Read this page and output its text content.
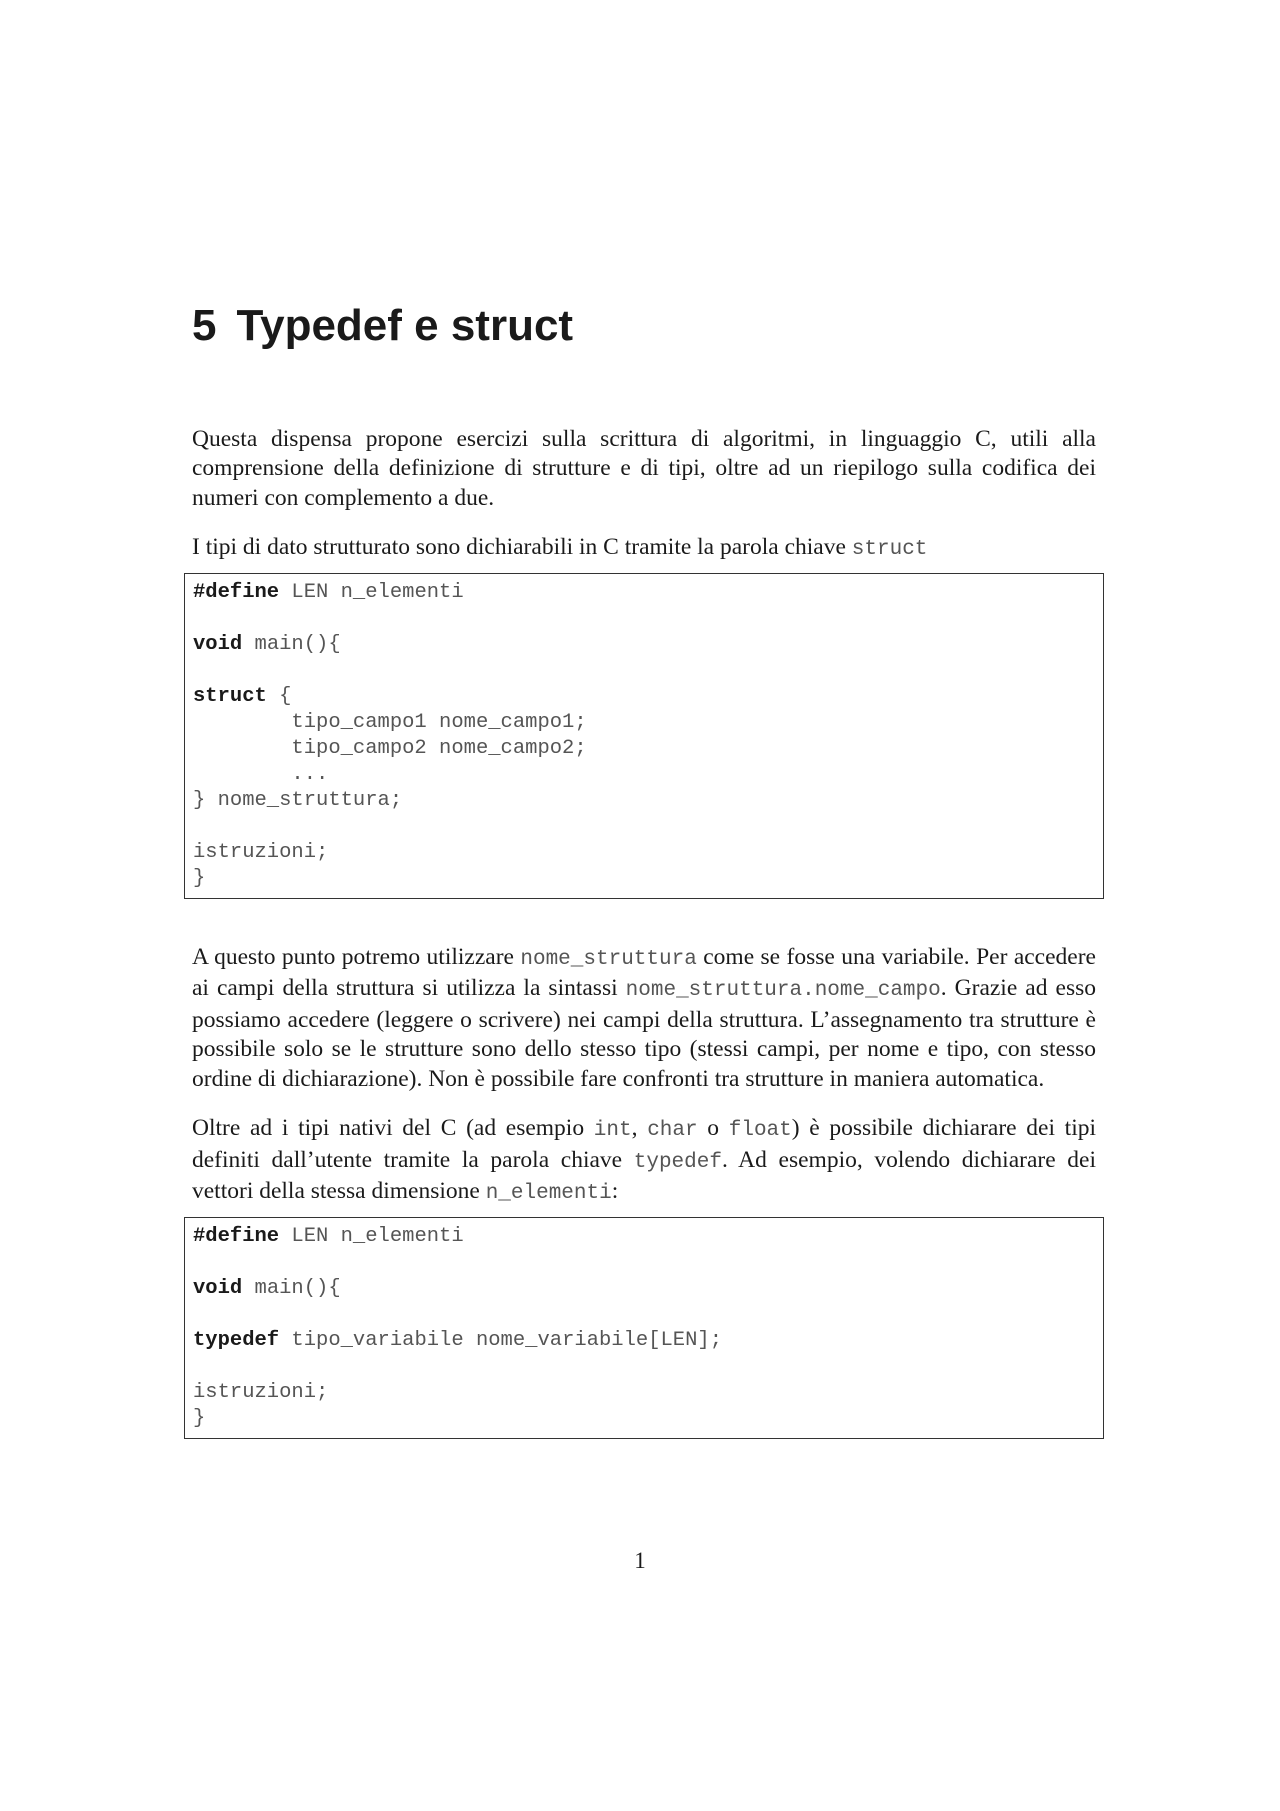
5 Typedef e struct

Questa dispensa propone esercizi sulla scrittura di algoritmi, in linguaggio C, utili alla comprensione della definizione di strutture e di tipi, oltre ad un riepilogo sulla codifica dei numeri con complemento a due.

I tipi di dato strutturato sono dichiarabili in C tramite la parola chiave struct

#define LEN n_elementi
void main(){
struct {
tipo_campo1 nome_campo1;
tipo_campo2 nome_campo2;
...
} nome_struttura;
istruzioni;
}

A questo punto potremo utilizzare nome_struttura come se fosse una variabile. Per accedere ai campi della struttura si utilizza la sintassi nome_struttura.nome_campo. Grazie ad esso possiamo accedere (leggere o scrivere) nei campi della struttura. L’assegnamento tra strutture è possibile solo se le strutture sono dello stesso tipo (stessi campi, per nome e tipo, con stesso ordine di dichiarazione). Non è possibile fare confronti tra strutture in maniera automatica.

Oltre ad i tipi nativi del C (ad esempio int, char o float) è possibile dichiarare dei tipi definiti dall’utente tramite la parola chiave typedef. Ad esempio, volendo dichiarare dei vettori della stessa dimensione n_elementi:

#define LEN n_elementi
void main(){
typedef tipo_variabile nome_variabile[LEN];
istruzioni;
}
1
